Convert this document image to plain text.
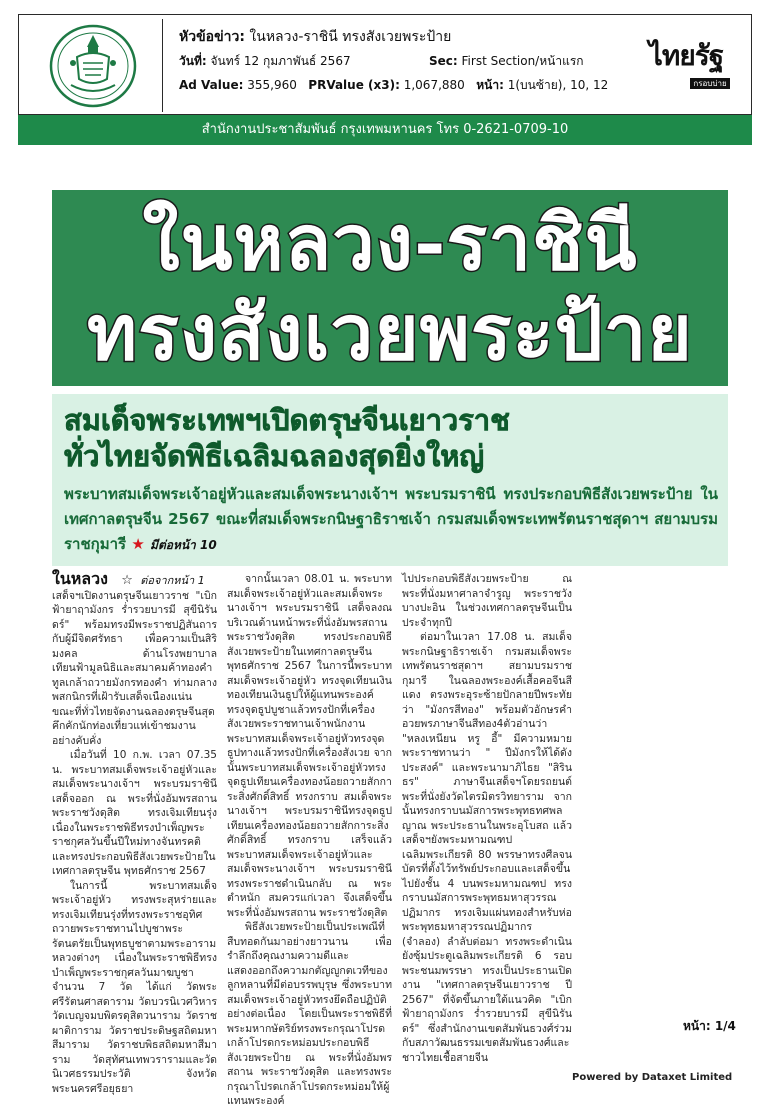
หัวข้อข่าว: ในหลวง-ราชินี ทรงสังเวยพระป้าย
วันที่: จันทร์ 12 กุมภาพันธ์ 2567	Sec: First Section/หน้าแรก
Ad Value: 355,960 PRValue (x3): 1,067,880 หน้า: 1(บนซ้าย), 10, 12
ไทยรัฐ
กรอบบ่าย
สำนักงานประชาสัมพันธ์ กรุงเทพมหานคร โทร 0-2621-0709-10
ในหลวง-ราชินี
ทรงสังเวยพระป้าย
สมเด็จพระเทพฯเปิดตรุษจีนเยาวราช
ทั่วไทยจัดพิธีเฉลิมฉลองสุดยิ่งใหญ่
พระบาทสมเด็จพระเจ้าอยู่หัวและสมเด็จพระนางเจ้าฯ พระบรมราชินี ทรงประกอบพิธีสังเวยพระป้าย ในเทศกาลตรุษจีน 2567 ขณะที่สมเด็จพระกนิษฐาธิราชเจ้า กรมสมเด็จพระเทพรัตนราชสุดาฯ สยามบรมราชกุมารี ★ มีต่อหน้า 10

ในหลวง ☆ ต่อจากหน้า 1

เสด็จฯเปิดงานตรุษจีนเยาวราช "เบิกฟ้ายาฤามังกร ร่ำรวยบารมี สุขีนิรันดร์" พร้อมทรงมีพระราชปฏิสันถารกับผู้มีจิตศรัทธา เพื่อความเป็นสิริมงคล ด้านโรงพยาบาลเทียนฟ้ามูลนิธิและสมาคมค้าทองคำทูลเกล้าถวายมังกรทองคำ ท่ามกลางพสกนิกรที่เฝ้ารับเสด็จเนืองแน่น ขณะที่ทั่วไทยจัดงานฉลองตรุษจีนสุดคึกคักนักท่องเที่ยวแห่เข้าชมงานอย่างคับคั่ง

เมื่อวันที่ 10 ก.พ. เวลา 07.35 น. พระบาทสมเด็จพระเจ้าอยู่หัวและสมเด็จพระนางเจ้าฯ พระบรมราชินี เสด็จออก ณ พระที่นั่งอัมพรสถาน พระราชวังดุสิต ทรงเจิมเทียนรุ่ง เนื่องในพระราชพิธีทรงบำเพ็ญพระราชกุศลวันขึ้นปีใหม่ทางจันทรคติ และทรงประกอบพิธีสังเวยพระป้ายในเทศกาลตรุษจีน พุทธศักราช 2567

ในการนี้ พระบาทสมเด็จพระเจ้าอยู่หัว ทรงพระสุหร่ายและทรงเจิมเทียนรุ่งที่ทรงพระราชอุทิศถวายพระราชทานไปบูชาพระรัตนตรัยเป็นพุทธบูชาตามพระอารามหลวงต่างๆ เนื่องในพระราชพิธีทรงบำเพ็ญพระราชกุศลวันมาฆบูชา จำนวน 7 วัด ได้แก่ วัดพระศรีรัตนศาสดาราม วัดบวรนิเวศวิหาร วัดเบญจมบพิตรดุสิตวนาราม วัดราชผาติการาม วัดราชประดิษฐสถิตมหาสีมาราม วัดราชบพิธสถิตมหาสีมาราม วัดสุทัศนเทพวรารามและวัดนิเวศธรรมประวัติ จังหวัดพระนครศรีอยุธยา

จากนั้นเวลา 08.01 น. พระบาทสมเด็จพระเจ้าอยู่หัวและสมเด็จพระนางเจ้าฯ พระบรมราชินี เสด็จลงณ บริเวณด้านหน้าพระที่นั่งอัมพรสถาน พระราชวังดุสิต ทรงประกอบพิธีสังเวยพระป้ายในเทศกาลตรุษจีน พุทธศักราช 2567 ในการนี้พระบาทสมเด็จพระเจ้าอยู่หัว ทรงจุดเทียนเงินทองเทียนเงินธูปให้ผู้แทนพระองค์ ทรงจุดธูปบูชาแล้วทรงปักที่เครื่องสังเวยพระราชทานเจ้าพนักงาน พระบาทสมเด็จพระเจ้าอยู่หัวทรงจุดธูปทางแล้วทรงปักที่เครื่องสังเวย จากนั้นพระบาทสมเด็จพระเจ้าอยู่หัวทรงจุดธูปเทียนเครื่องทองน้อยถวายสักการะสิ่งศักดิ์สิทธิ์ ทรงกราบ สมเด็จพระนางเจ้าฯ พระบรมราชินีทรงจุดธูปเทียนเครื่องทองน้อยถวายสักการะสิ่งศักดิ์สิทธิ์ ทรงกราบ เสร็จแล้ว พระบาทสมเด็จพระเจ้าอยู่หัวและสมเด็จพระนางเจ้าฯ พระบรมราชินี ทรงพระราชดำเนินกลับ ณ พระตำหนัก สมควรแก่เวลา จึงเสด็จขึ้นพระที่นั่งอัมพรสถาน พระราชวังดุสิต

พิธีสังเวยพระป้ายเป็นประเพณีที่สืบทอดกันมาอย่างยาวนาน เพื่อรำลึกถึงคุณงามความดีและแสดงออกถึงความกตัญญูกตเวทีของลูกหลานที่มีต่อบรรพบุรุษ ซึ่งพระบาทสมเด็จพระเจ้าอยู่หัวทรงยึดถือปฏิบัติอย่างต่อเนื่อง โดยเป็นพระราชพิธีที่ พระมหากษัตริย์ทรงพระกรุณาโปรดเกล้าโปรดกระหม่อมประกอบพิธีสังเวยพระป้าย ณ พระที่นั่งอัมพรสถาน พระราชวังดุสิต และทรงพระกรุณาโปรดเกล้าโปรดกระหม่อมให้ผู้แทนพระองค์

ไปประกอบพิธีสังเวยพระป้าย ณ พระที่นั่งมหาศาลาจำรูญ พระราชวังบางปะอิน ในช่วงเทศกาลตรุษจีนเป็นประจำทุกปี

ต่อมาในเวลา 17.08 น. สมเด็จพระกนิษฐาธิราชเจ้า กรมสมเด็จพระเทพรัตนราชสุดาฯ สยามบรมราชกุมารี ในฉลองพระองค์เสื้อคอจีนสีแดง ตรงพระอุระซ้ายปักลายปีพระทัยว่า "มังกรสีทอง" พร้อมตัวอักษรคำอวยพรภาษาจีนสีทอง4ตัวอ่านว่า "หลงเหนียน หรู อี้" มีความหมายพระราชทานว่า " ปีมังกรให้ได้ดังประสงค์" และพระนามาภิไธย "สิรินธร" ภาษาจีนเสด็จฯโดยรถยนต์พระที่นั่งยังวัดไตรมิตรวิทยาราม จากนั้นทรงกราบนมัสการพระพุทธทศพลญาณ พระประธานในพระอุโบสถ แล้วเสด็จฯยังพระมหามณฑปเฉลิมพระเกียรติ 80 พรรษาทรงศีลจนบัตรที่ตั้งไว้ทรัพย์ประกอบและเสด็จขึ้นไปยังชั้น 4 บนพระมหามณฑป ทรงกราบนมัสการพระพุทธมหาสุวรรณปฏิมากร ทรงเจิมแผ่นทองสำหรับห่อพระพุทธมหาสุวรรณปฏิมากร (จำลอง) ลำลับต่อมา ทรงพระดำเนินยังซุ้มประตูเฉลิมพระเกียรติ 6 รอบพระชนมพรรษา ทรงเป็นประธานเปิดงาน "เทศกาลตรุษจีนเยาวราช ปี 2567" ที่จัดขึ้นภายใต้แนวคิด "เบิกฟ้ายาฤามังกร ร่ำรวยบารมี สุขีนิรันดร์" ซึ่งสำนักงานเขตสัมพันธวงศ์ร่วมกับสภาวัฒนธรรมเขตสัมพันธวงศ์และชาวไทยเชื้อสายจีน

หน้า: 1/4
Powered by Dataxet Limited
